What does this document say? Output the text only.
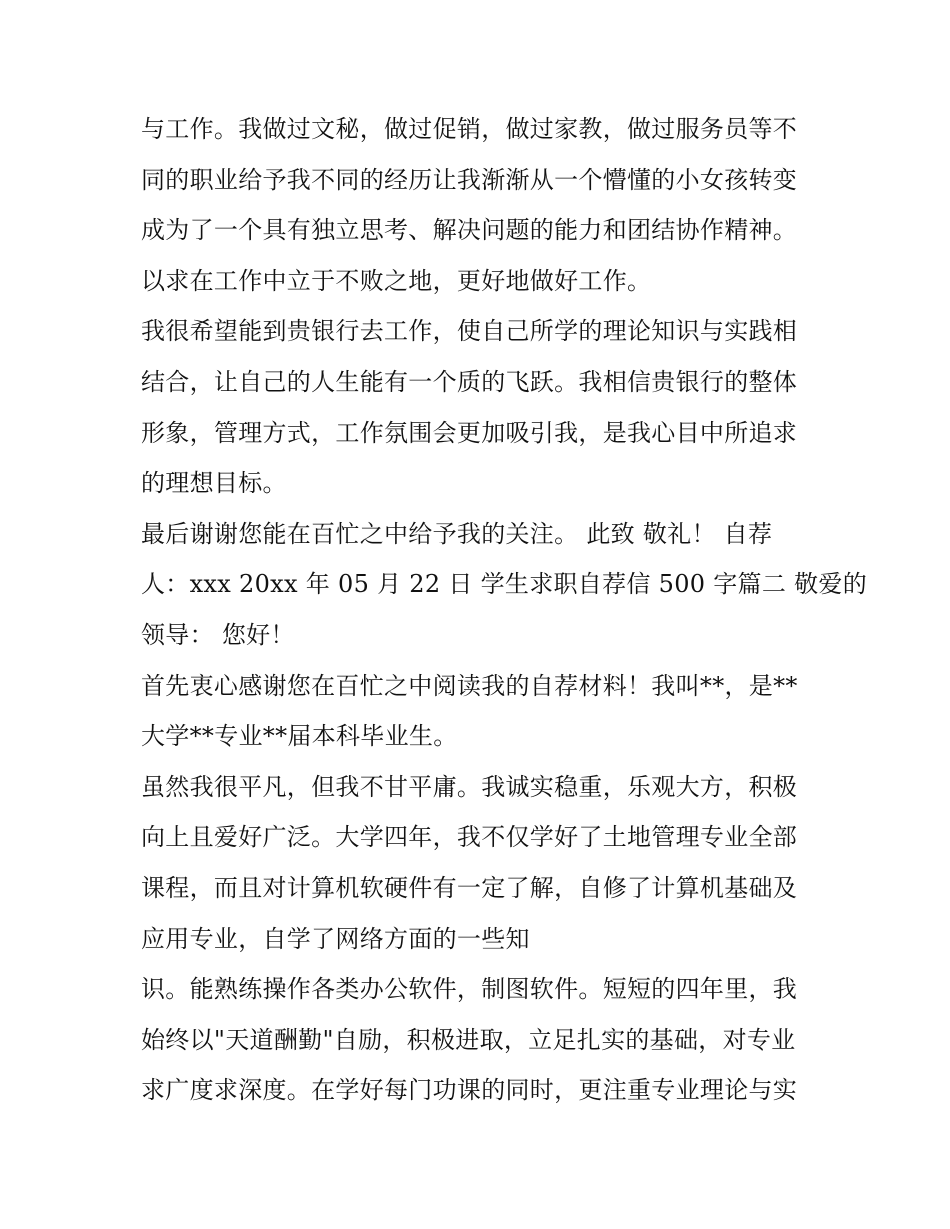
与工作。我做过文秘，做过促销，做过家教，做过服务员等不
同的职业给予我不同的经历让我渐渐从一个懵懂的小女孩转变
成为了一个具有独立思考、解决问题的能力和团结协作精神。
以求在工作中立于不败之地，更好地做好工作。
我很希望能到贵银行去工作，使自己所学的理论知识与实践相
结合，让自己的人生能有一个质的飞跃。我相信贵银行的整体
形象，管理方式，工作氛围会更加吸引我，是我心目中所追求
的理想目标。
最后谢谢您能在百忙之中给予我的关注。 此致 敬礼！ 自荐
人：xxx 20xx 年 05 月 22 日 学生求职自荐信 500 字篇二 敬爱的
领导： 您好！
首先衷心感谢您在百忙之中阅读我的自荐材料！我叫**，是**
大学**专业**届本科毕业生。
虽然我很平凡，但我不甘平庸。我诚实稳重，乐观大方，积极
向上且爱好广泛。大学四年，我不仅学好了土地管理专业全部
课程，而且对计算机软硬件有一定了解，自修了计算机基础及
应用专业，自学了网络方面的一些知
识。能熟练操作各类办公软件，制图软件。短短的四年里，我
始终以"天道酬勤"自励，积极进取，立足扎实的基础，对专业
求广度求深度。在学好每门功课的同时，更注重专业理论与实
